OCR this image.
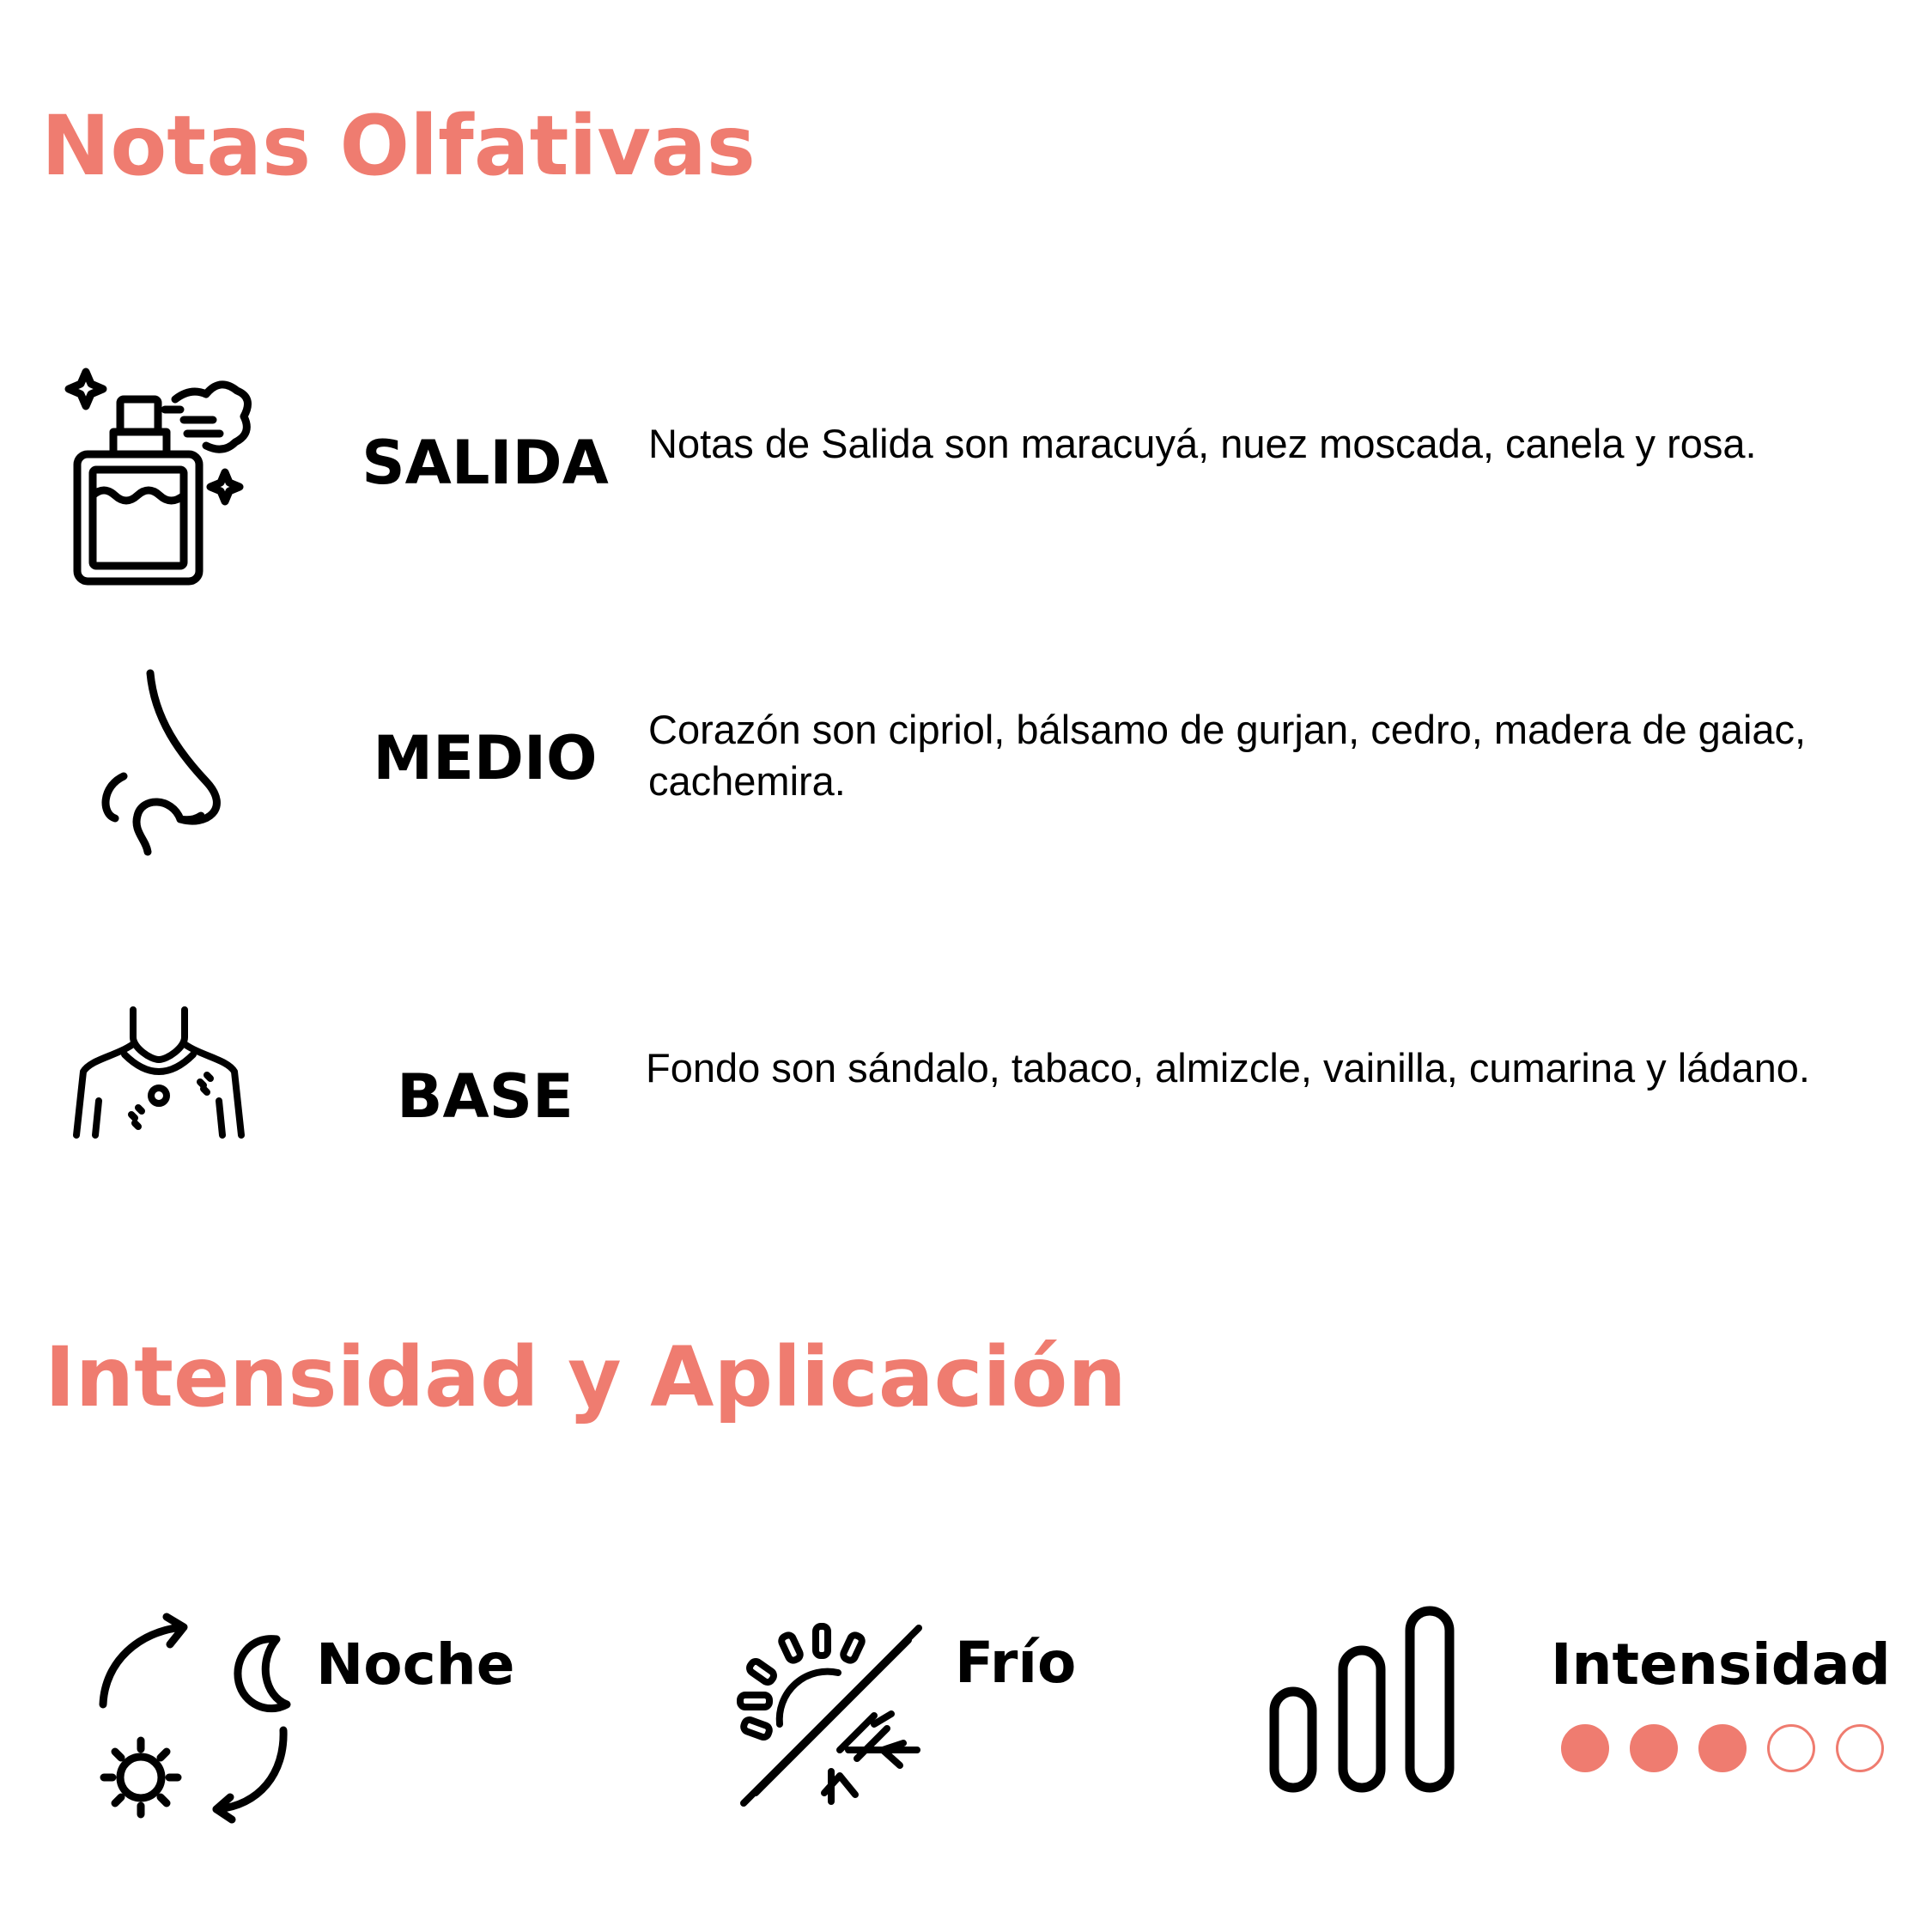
Notas Olfativas
SALIDA Notas de Salida son maracuyá, nuez moscada, canela y rosa.
MEDIO	Corazón son cipriol, bálsamo de gurjan, cedro, madera de gaiac, cachemira.
BASE	Fondo son sándalo, tabaco, almizcle, vainilla, cumarina y ládano.
Intensidad y Aplicación
Noche	Frío	Intensidad
